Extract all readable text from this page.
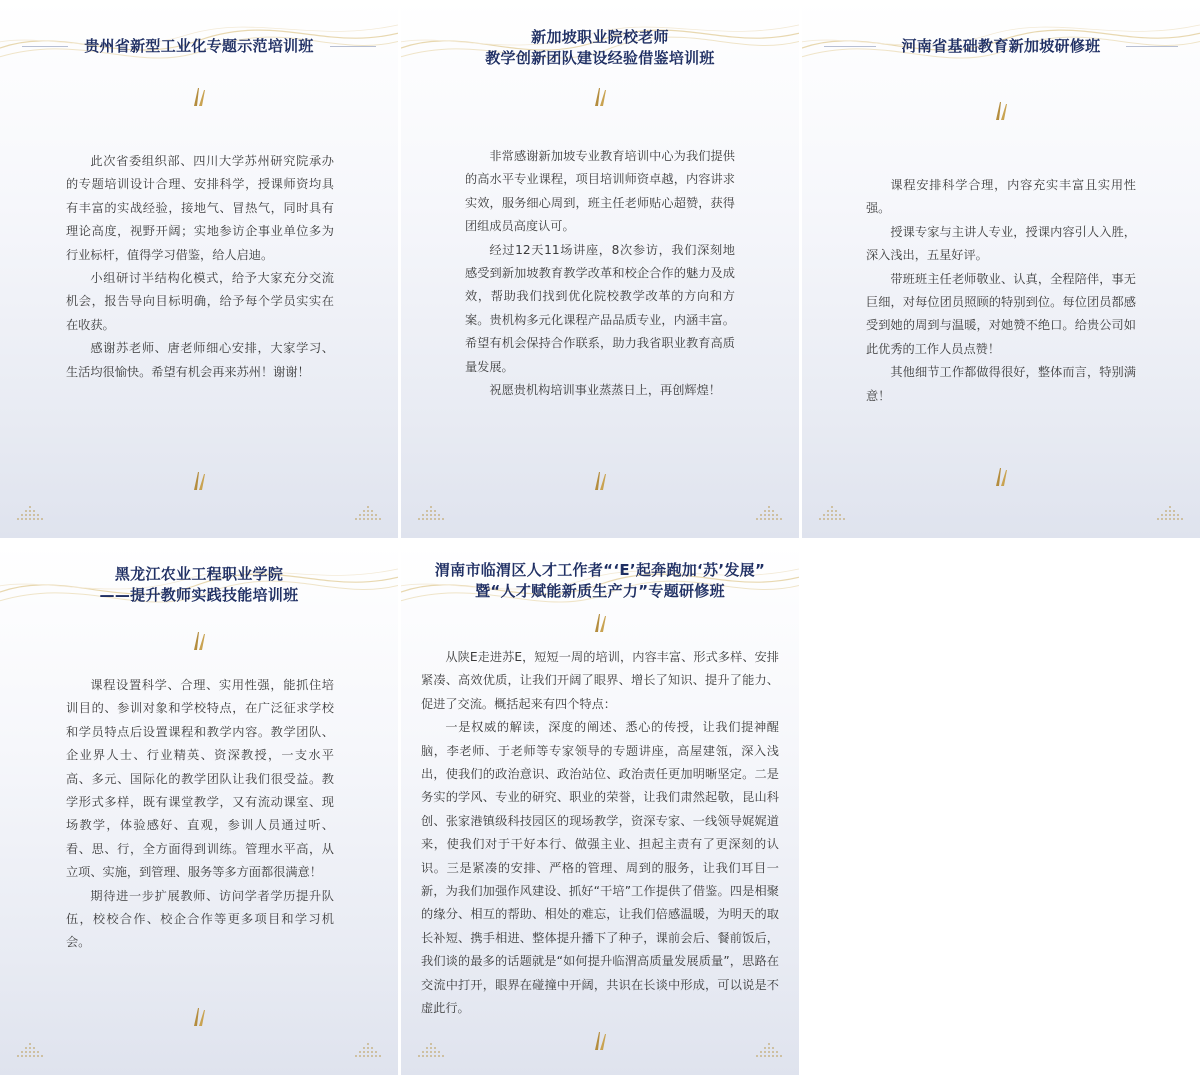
贵州省新型工业化专题示范培训班

此次省委组织部、四川大学苏州研究院承办的专题培训设计合理、安排科学，授课师资均具有丰富的实战经验，接地气、冒热气，同时具有理论高度，视野开阔；实地参访企事业单位多为行业标杆，值得学习借鉴，给人启迪。

小组研讨半结构化模式，给予大家充分交流机会，报告导向目标明确，给予每个学员实实在在收获。

感谢苏老师、唐老师细心安排，大家学习、生活均很愉快。希望有机会再来苏州！谢谢！

新加坡职业院校老师
教学创新团队建设经验借鉴培训班

非常感谢新加坡专业教育培训中心为我们提供的高水平专业课程，项目培训师资卓越，内容讲求实效，服务细心周到，班主任老师贴心超赞，获得团组成员高度认可。

经过12天11场讲座，8次参访，我们深刻地感受到新加坡教育教学改革和校企合作的魅力及成效，帮助我们找到优化院校教学改革的方向和方案。贵机构多元化课程产品品质专业，内涵丰富。希望有机会保持合作联系，助力我省职业教育高质量发展。

祝愿贵机构培训事业蒸蒸日上，再创辉煌！

河南省基础教育新加坡研修班

课程安排科学合理，内容充实丰富且实用性强。

授课专家与主讲人专业，授课内容引人入胜，深入浅出，五星好评。

带班班主任老师敬业、认真，全程陪伴，事无巨细，对每位团员照顾的特别到位。每位团员都感受到她的周到与温暖，对她赞不绝口。给贵公司如此优秀的工作人员点赞！

其他细节工作都做得很好，整体而言，特别满意！

黑龙江农业工程职业学院
——提升教师实践技能培训班

课程设置科学、合理、实用性强，能抓住培训目的、参训对象和学校特点，在广泛征求学校和学员特点后设置课程和教学内容。教学团队、企业界人士、行业精英、资深教授，一支水平高、多元、国际化的教学团队让我们很受益。教学形式多样，既有课堂教学，又有流动课室、现场教学，体验感好、直观，参训人员通过听、看、思、行，全方面得到训练。管理水平高，从立项、实施，到管理、服务等多方面都很满意！

期待进一步扩展教师、访问学者学历提升队伍，校校合作、校企合作等更多项目和学习机会。

渭南市临渭区人才工作者“‘E’起奔跑加‘苏’发展”
暨“人才赋能新质生产力”专题研修班

从陕E走进苏E，短短一周的培训，内容丰富、形式多样、安排紧凑、高效优质，让我们开阔了眼界、增长了知识、提升了能力、促进了交流。概括起来有四个特点：

一是权威的解读，深度的阐述、悉心的传授，让我们提神醒脑，李老师、于老师等专家领导的专题讲座，高屋建瓴，深入浅出，使我们的政治意识、政治站位、政治责任更加明晰坚定。二是务实的学风、专业的研究、职业的荣誉，让我们肃然起敬，昆山科创、张家港镇级科技园区的现场教学，资深专家、一线领导娓娓道来，使我们对于干好本行、做强主业、担起主责有了更深刻的认识。三是紧凑的安排、严格的管理、周到的服务，让我们耳目一新，为我们加强作风建设、抓好“干培”工作提供了借鉴。四是相聚的缘分、相互的帮助、相处的难忘，让我们倍感温暖，为明天的取长补短、携手相进、整体提升播下了种子，课前会后、餐前饭后，我们谈的最多的话题就是“如何提升临渭高质量发展质量”，思路在交流中打开，眼界在碰撞中开阔，共识在长谈中形成，可以说是不虚此行。
